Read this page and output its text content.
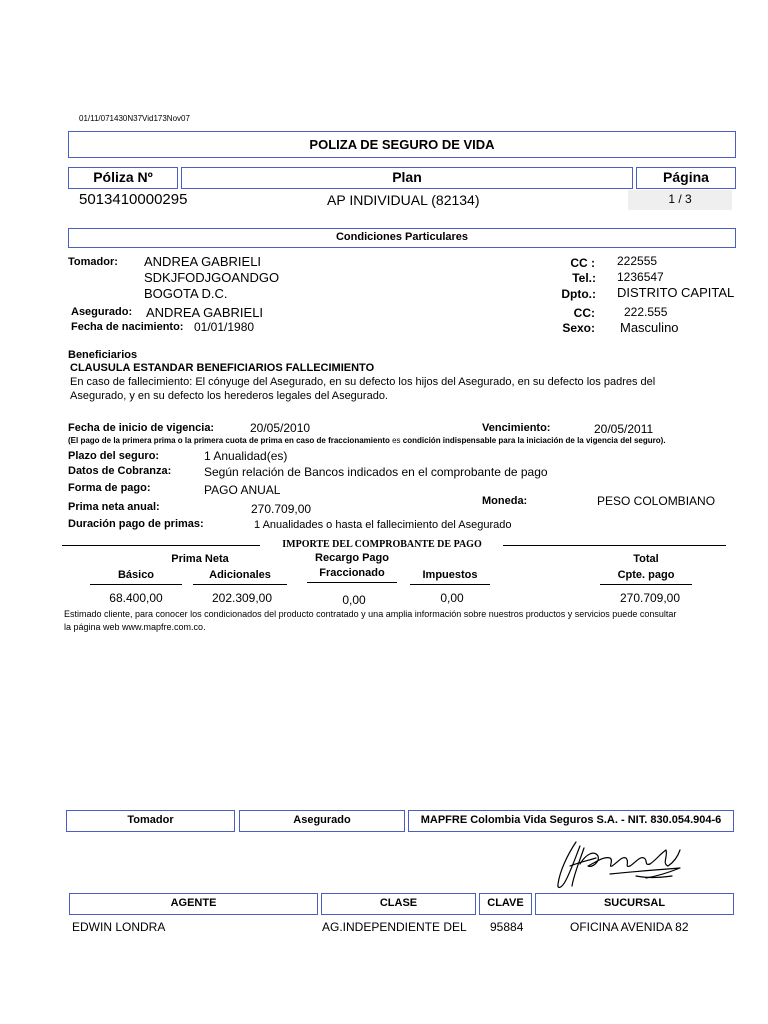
01/11/071430N37Vid173Nov07
POLIZA DE SEGURO DE VIDA
Póliza Nº	Plan	Página
5013410000295	AP INDIVIDUAL (82134)	1 / 3
Condiciones Particulares
Tomador: ANDREA GABRIELI
SDKJFODJGOANDGO
BOGOTA D.C.
CC : 222555
Tel.: 1236547
Dpto.: DISTRITO CAPITAL
Asegurado: ANDREA GABRIELI
Fecha de nacimiento: 01/01/1980
CC: 222.555
Sexo: Masculino
Beneficiarios
CLAUSULA ESTANDAR BENEFICIARIOS FALLECIMIENTO
En caso de fallecimiento: El cónyuge del Asegurado, en su defecto los hijos del Asegurado, en su defecto los padres del
Asegurado, y en su defecto los herederos legales del Asegurado.
Fecha de inicio de vigencia:	20/05/2010	Vencimiento:	20/05/2011
(El pago de la primera prima o la primera cuota de prima en caso de fraccionamiento es condición indispensable para la iniciación de la vigencia del seguro).
Plazo del seguro:	1 Anualidad(es)
Datos de Cobranza:	Según relación de Bancos indicados en el comprobante de pago
Forma de pago:	PAGO ANUAL
Moneda:	PESO COLOMBIANO
Prima neta anual:	270.709,00
Duración pago de primas:	1 Anualidades o hasta el fallecimiento del Asegurado
IMPORTE DEL COMPROBANTE DE PAGO
Prima Neta
Básico	Adicionales
Recargo Pago
Fraccionado	Impuestos
Total
Cpte. pago
68.400,00	202.309,00	0,00	0,00	270.709,00
Estimado cliente, para conocer los condicionados del producto contratado y una amplia información sobre nuestros productos y servicios puede consultar
la página web www.mapfre.com.co.
Tomador	Asegurado	MAPFRE Colombia Vida Seguros S.A. - NIT. 830.054.904-6
AGENTE	CLASE	CLAVE	SUCURSAL
EDWIN LONDRA	AG.INDEPENDIENTE DEL 95884	OFICINA AVENIDA 82
